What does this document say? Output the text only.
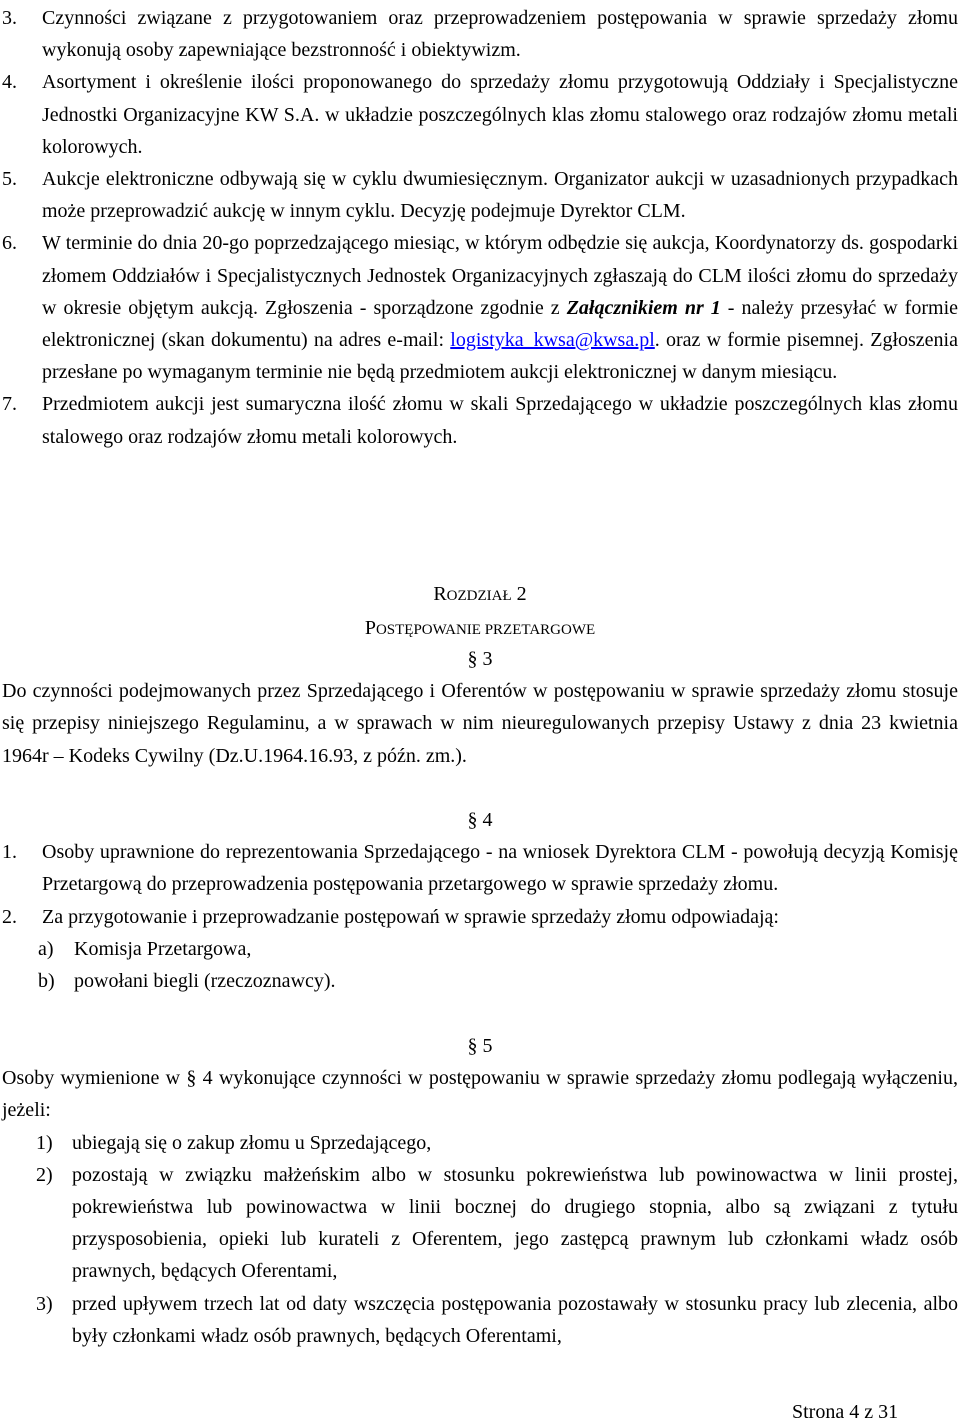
3. Czynności związane z przygotowaniem oraz przeprowadzeniem postępowania w sprawie sprzedaży złomu wykonują osoby zapewniające bezstronność i obiektywizm.
4. Asortyment i określenie ilości proponowanego do sprzedaży złomu przygotowują Oddziały i Specjalistyczne Jednostki Organizacyjne KW S.A. w układzie poszczególnych klas złomu stalowego oraz rodzajów złomu metali kolorowych.
5. Aukcje elektroniczne odbywają się w cyklu dwumiesięcznym. Organizator aukcji w uzasadnionych przypadkach może przeprowadzić aukcję w innym cyklu. Decyzję podejmuje Dyrektor CLM.
6. W terminie do dnia 20-go poprzedzającego miesiąc, w którym odbędzie się aukcja, Koordynatorzy ds. gospodarki złomem Oddziałów i Specjalistycznych Jednostek Organizacyjnych zgłaszają do CLM ilości złomu do sprzedaży w okresie objętym aukcją. Zgłoszenia - sporządzone zgodnie z Załącznikiem nr 1 - należy przesyłać w formie elektronicznej (skan dokumentu) na adres e-mail: logistyka_kwsa@kwsa.pl. oraz w formie pisemnej. Zgłoszenia przesłane po wymaganym terminie nie będą przedmiotem aukcji elektronicznej w danym miesiącu.
7. Przedmiotem aukcji jest sumaryczna ilość złomu w skali Sprzedającego w układzie poszczególnych klas złomu stalowego oraz rodzajów złomu metali kolorowych.
ROZDZIAŁ 2
POSTĘPOWANIE PRZETARGOWE
§ 3
Do czynności podejmowanych przez Sprzedającego i Oferentów w postępowaniu w sprawie sprzedaży złomu stosuje się przepisy niniejszego Regulaminu, a w sprawach w nim nieuregulowanych przepisy Ustawy z dnia 23 kwietnia 1964r – Kodeks Cywilny (Dz.U.1964.16.93, z późn. zm.).
§ 4
1. Osoby uprawnione do reprezentowania Sprzedającego - na wniosek Dyrektora CLM - powołują decyzją Komisję Przetargową do przeprowadzenia postępowania przetargowego w sprawie sprzedaży złomu.
2. Za przygotowanie i przeprowadzanie postępowań w sprawie sprzedaży złomu odpowiadają:
a) Komisja Przetargowa,
b) powołani biegli (rzeczoznawcy).
§ 5
Osoby wymienione w § 4 wykonujące czynności w postępowaniu w sprawie sprzedaży złomu podlegają wyłączeniu, jeżeli:
1) ubiegają się o zakup złomu u Sprzedającego,
2) pozostają w związku małżeńskim albo w stosunku pokrewieństwa lub powinowactwa w linii prostej, pokrewieństwa lub powinowactwa w linii bocznej do drugiego stopnia, albo są związani z tytułu przysposobienia, opieki lub kurateli z Oferentem, jego zastępcą prawnym lub członkami władz osób prawnych, będących Oferentami,
3) przed upływem trzech lat od daty wszczęcia postępowania pozostawały w stosunku pracy lub zlecenia, albo były członkami władz osób prawnych, będących Oferentami,
Strona 4 z 31
